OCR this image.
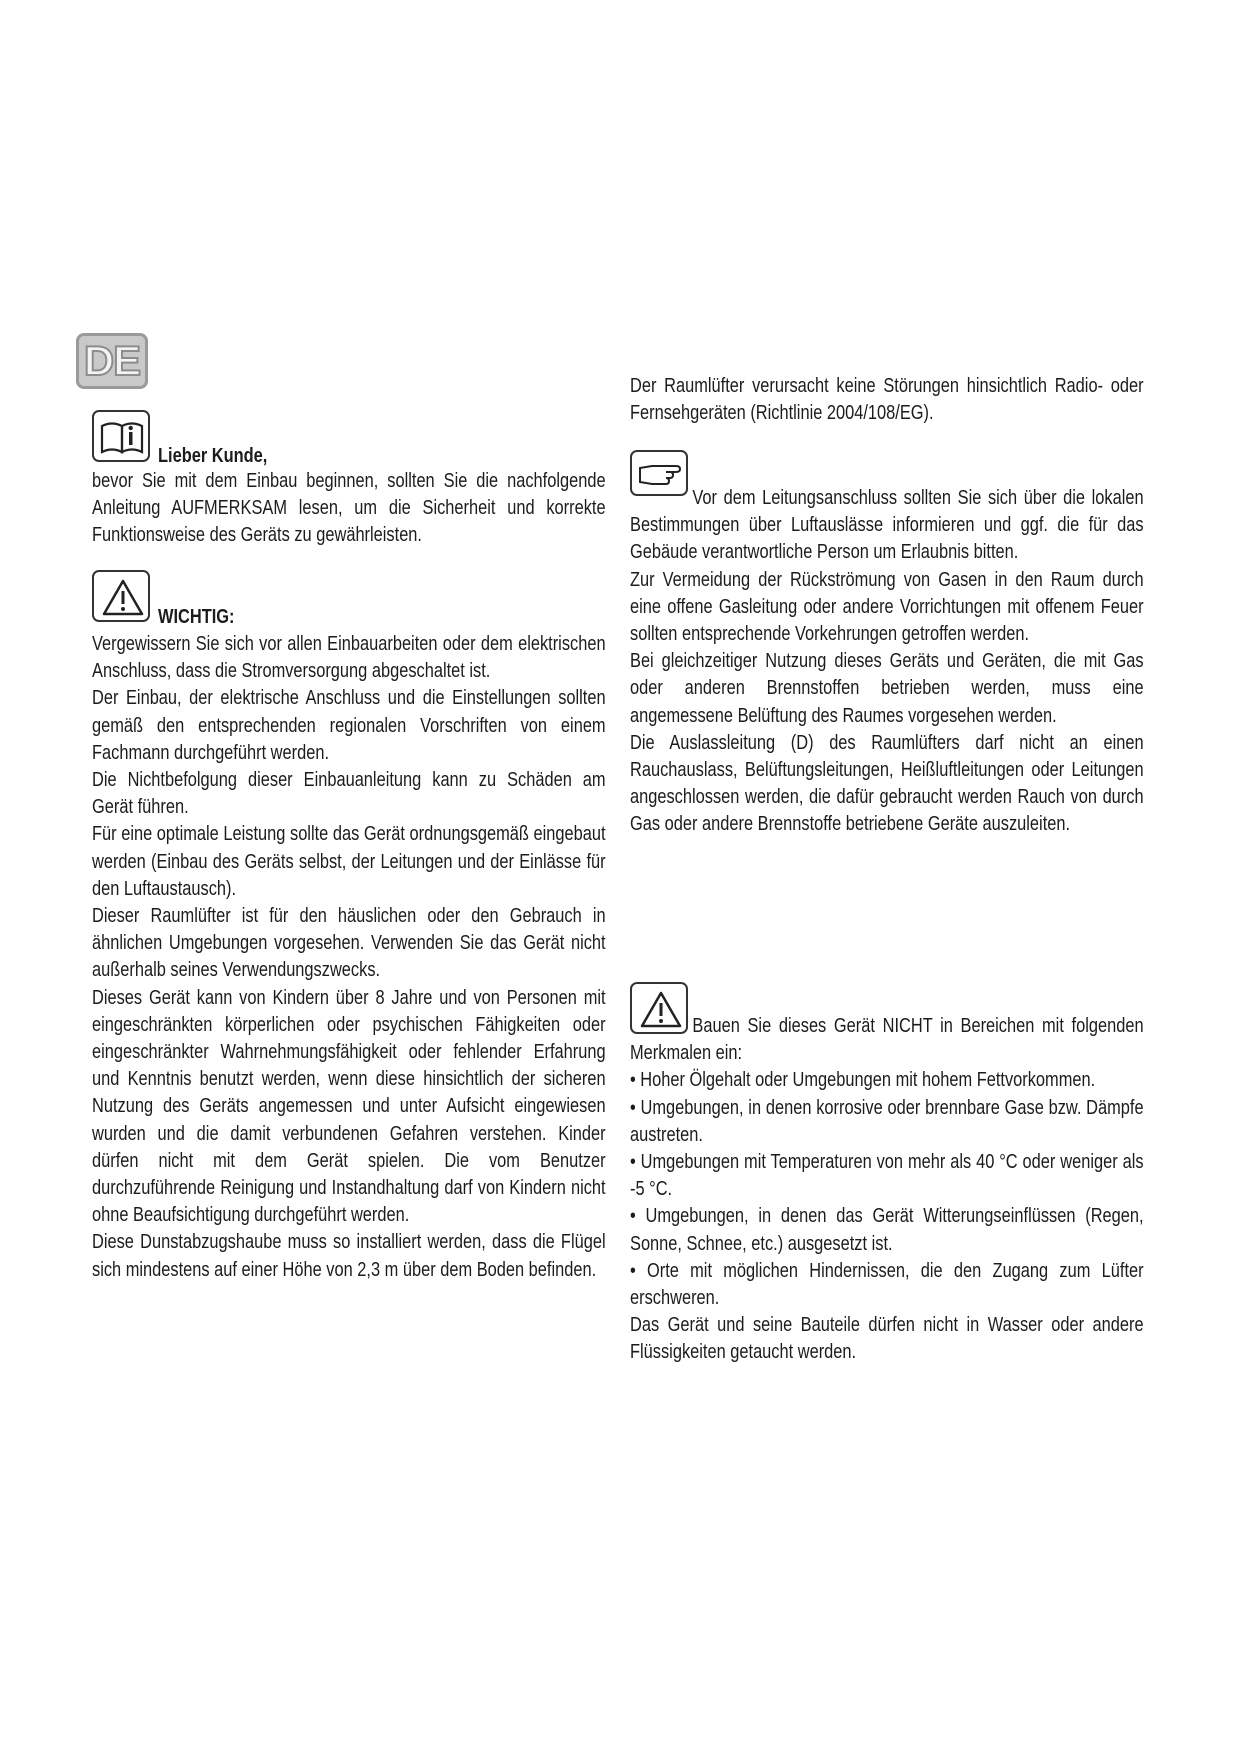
DE
Lieber Kunde,
bevor Sie mit dem Einbau beginnen, sollten Sie die nachfolgende Anleitung AUFMERKSAM lesen, um die Sicherheit und korrekte Funktionsweise des Geräts zu gewährleisten.
WICHTIG:

Vergewissern Sie sich vor allen Einbauarbeiten oder dem elektrischen Anschluss, dass die Stromversorgung abgeschaltet ist.

Der Einbau, der elektrische Anschluss und die Einstellungen sollten gemäß den entsprechenden regionalen Vorschriften von einem Fachmann durchgeführt werden.

Die Nichtbefolgung dieser Einbauanleitung kann zu Schäden am Gerät führen.

Für eine optimale Leistung sollte das Gerät ordnungsgemäß eingebaut werden (Einbau des Geräts selbst, der Leitungen und der Einlässe für den Luftaustausch).

Dieser Raumlüfter ist für den häuslichen oder den Gebrauch in ähnlichen Umgebungen vorgesehen. Verwenden Sie das Gerät nicht außerhalb seines Verwendungszwecks.

Dieses Gerät kann von Kindern über 8 Jahre und von Personen mit eingeschränkten körperlichen oder psychischen Fähigkeiten oder eingeschränkter Wahrnehmungsfähigkeit oder fehlender Erfahrung und Kenntnis benutzt werden, wenn diese hinsichtlich der sicheren Nutzung des Geräts angemessen und unter Aufsicht eingewiesen wurden und die damit verbundenen Gefahren verstehen. Kinder dürfen nicht mit dem Gerät spielen. Die vom Benutzer durchzuführende Reinigung und Instandhaltung darf von Kindern nicht ohne Beaufsichtigung durchgeführt werden.

Diese Dunstabzugshaube muss so installiert werden, dass die Flügel sich mindestens auf einer Höhe von 2,3 m über dem Boden befinden.

Der Raumlüfter verursacht keine Störungen hinsichtlich Radio- oder Fernsehgeräten (Richtlinie 2004/108/EG).

Vor dem Leitungsanschluss sollten Sie sich über die lokalen Bestimmungen über Luftauslässe informieren und ggf. die für das Gebäude verantwortliche Person um Erlaubnis bitten.

Zur Vermeidung der Rückströmung von Gasen in den Raum durch eine offene Gasleitung oder andere Vorrichtungen mit offenem Feuer sollten entsprechende Vorkehrungen getroffen werden.

Bei gleichzeitiger Nutzung dieses Geräts und Geräten, die mit Gas oder anderen Brennstoffen betrieben werden, muss eine angemessene Belüftung des Raumes vorgesehen werden.

Die Auslassleitung (D) des Raumlüfters darf nicht an einen Rauchauslass, Belüftungsleitungen, Heißluftleitungen oder Leitungen angeschlossen werden, die dafür gebraucht werden Rauch von durch Gas oder andere Brennstoffe betriebene Geräte auszuleiten.

Bauen Sie dieses Gerät NICHT in Bereichen mit folgenden Merkmalen ein:

• Hoher Ölgehalt oder Umgebungen mit hohem Fettvorkommen.

• Umgebungen, in denen korrosive oder brennbare Gase bzw. Dämpfe austreten.

• Umgebungen mit Temperaturen von mehr als 40 °C oder weniger als -5 °C.

• Umgebungen, in denen das Gerät Witterungseinflüssen (Regen, Sonne, Schnee, etc.) ausgesetzt ist.

• Orte mit möglichen Hindernissen, die den Zugang zum Lüfter erschweren.

Das Gerät und seine Bauteile dürfen nicht in Wasser oder andere Flüssigkeiten getaucht werden.
